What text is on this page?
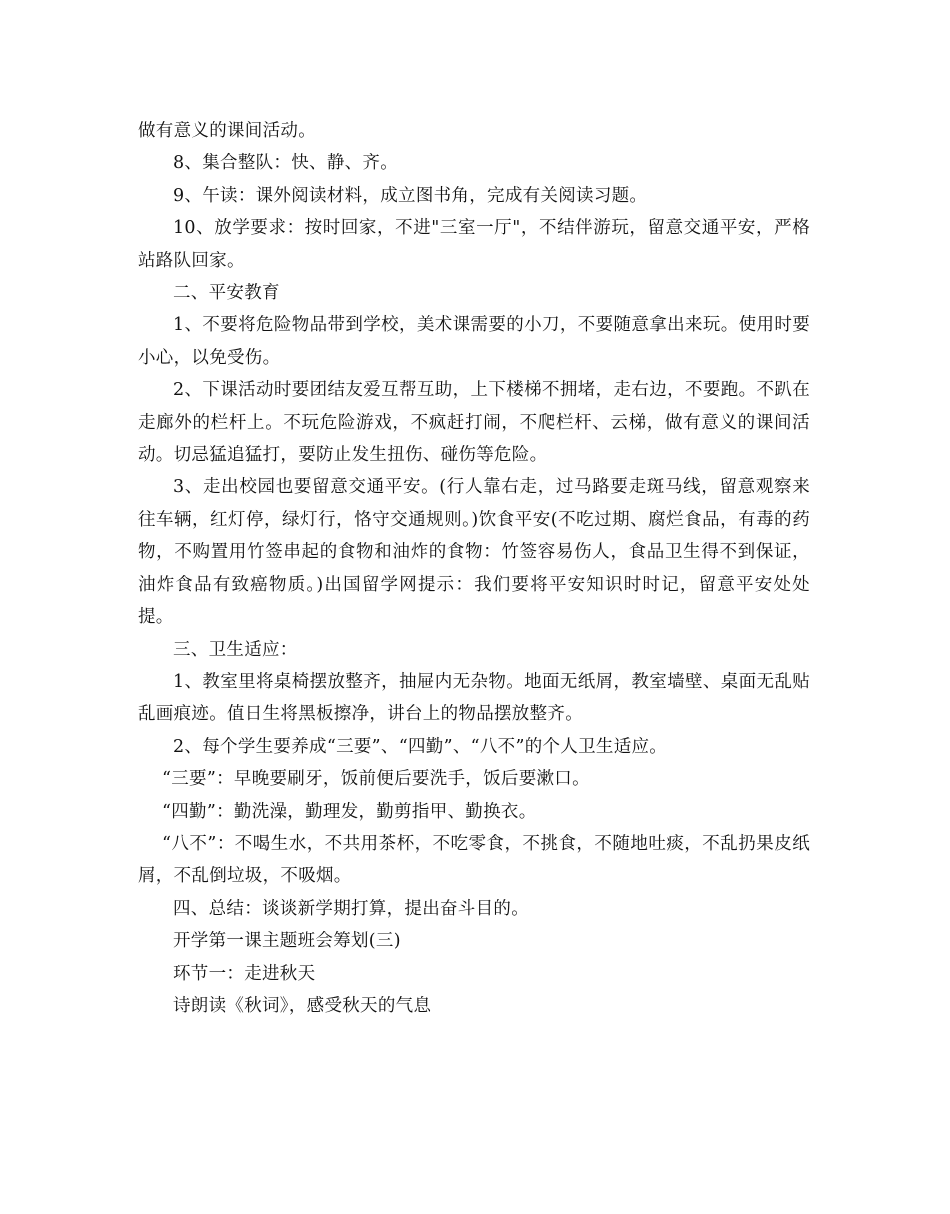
做有意义的课间活动。

8、集合整队：快、静、齐。

9、午读：课外阅读材料，成立图书角，完成有关阅读习题。

10、放学要求：按时回家，不进"三室一厅"，不结伴游玩，留意交通平安，严格站路队回家。

二、平安教育

1、不要将危险物品带到学校，美术课需要的小刀，不要随意拿出来玩。使用时要小心，以免受伤。

2、下课活动时要团结友爱互帮互助，上下楼梯不拥堵，走右边，不要跑。不趴在走廊外的栏杆上。不玩危险游戏，不疯赶打闹，不爬栏杆、云梯，做有意义的课间活动。切忌猛追猛打，要防止发生扭伤、碰伤等危险。

3、走出校园也要留意交通平安。(行人靠右走，过马路要走斑马线，留意观察来往车辆，红灯停，绿灯行，恪守交通规则。)饮食平安(不吃过期、腐烂食品，有毒的药物，不购置用竹签串起的食物和油炸的食物：竹签容易伤人，食品卫生得不到保证，油炸食品有致癌物质。)出国留学网提示：我们要将平安知识时时记，留意平安处处提。

三、卫生适应：

1、教室里将桌椅摆放整齐，抽屉内无杂物。地面无纸屑，教室墙壁、桌面无乱贴乱画痕迹。值日生将黑板擦净，讲台上的物品摆放整齐。

2、每个学生要养成“三要”、“四勤”、“八不”的个人卫生适应。

“三要”：早晚要刷牙，饭前便后要洗手，饭后要漱口。

“四勤”：勤洗澡，勤理发，勤剪指甲、勤换衣。

“八不”：不喝生水，不共用茶杯，不吃零食，不挑食，不随地吐痰，不乱扔果皮纸屑，不乱倒垃圾，不吸烟。

四、总结：谈谈新学期打算，提出奋斗目的。

开学第一课主题班会筹划(三)

环节一：走进秋天

诗朗读《秋词》，感受秋天的气息
